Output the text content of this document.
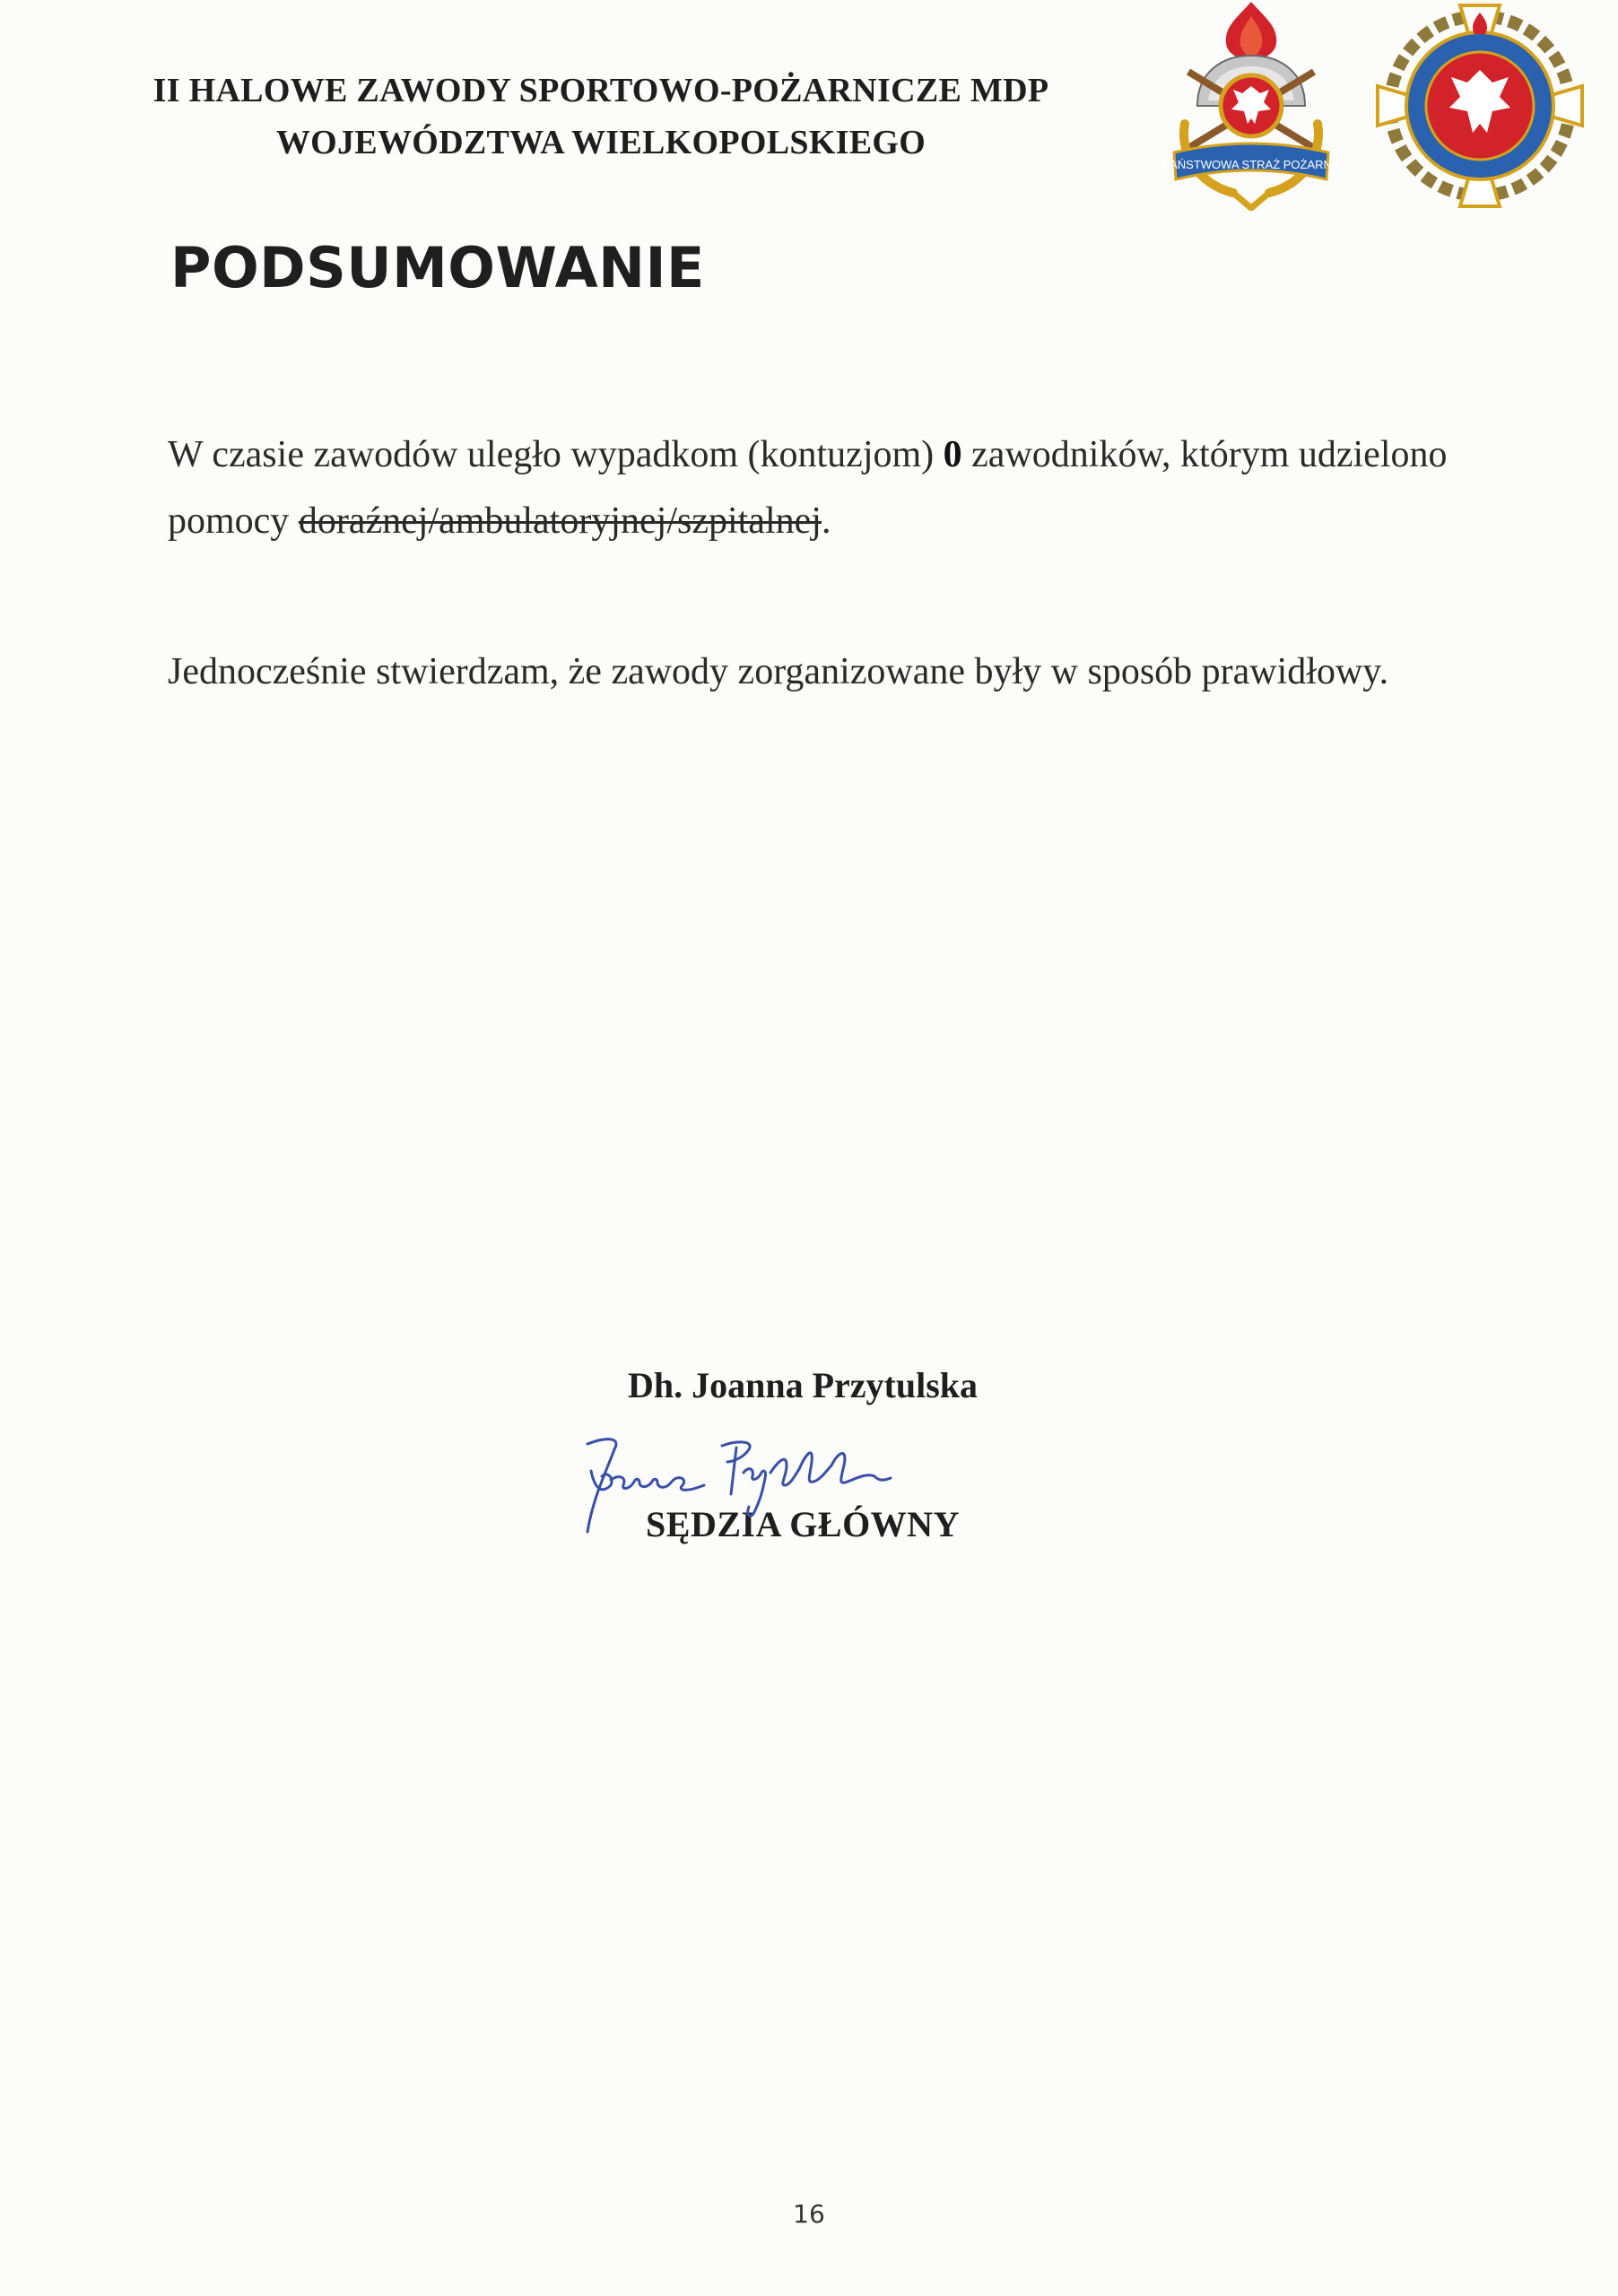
II HALOWE ZAWODY SPORTOWO-POŻARNICZE MDP
WOJEWÓDZTWA WIELKOPOLSKIEGO
PAŃSTWOWA STRAŻ POŻARNA
PODSUMOWANIE
W czasie zawodów uległo wypadkom (kontuzjom) 0 zawodników, którym udzielono pomocy doraźnej/ambulatoryjnej/szpitalnej.
Jednocześnie stwierdzam, że zawody zorganizowane były w sposób prawidłowy.
Dh. Joanna Przytulska
SĘDZIA GŁÓWNY
16
